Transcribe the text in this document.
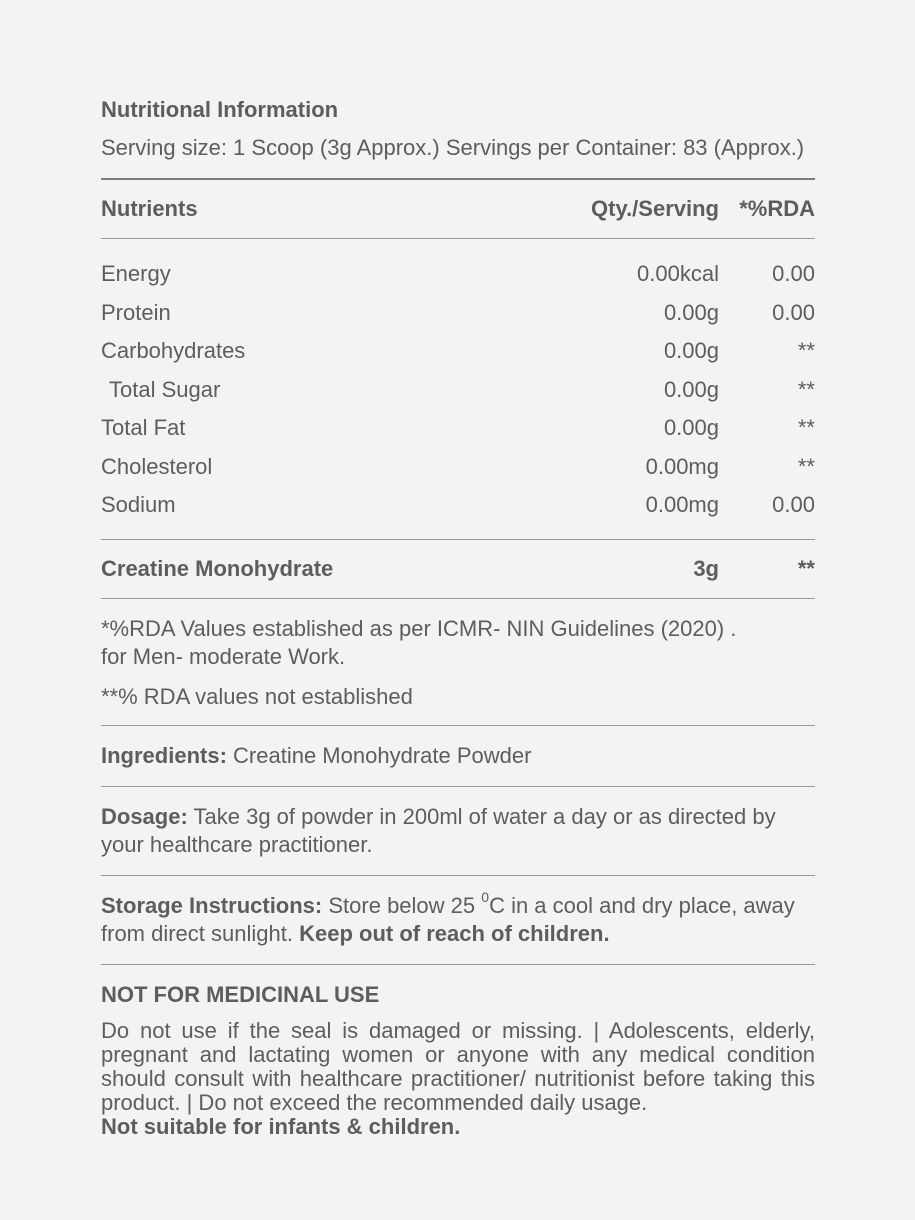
Nutritional Information
Serving size: 1 Scoop (3g Approx.) Servings per Container: 83 (Approx.)
Nutrients	Qty./Serving *%RDA
Energy	0.00kcal	0.00
Protein	0.00g	0.00
Carbohydrates	0.00g	**
Total Sugar	0.00g	**
Total Fat	0.00g	**
Cholesterol	0.00mg	**
Sodium	0.00mg	0.00
Creatine Monohydrate	3g	**

*%RDA Values established as per ICMR- NIN Guidelines (2020) .

for Men- moderate Work.

**% RDA values not established

Ingredients: Creatine Monohydrate Powder
Dosage: Take 3g of powder in 200ml of water a day or as directed by your healthcare practitioner.
Storage Instructions: Store below 25 $^0$C in a cool and dry place, away from direct sunlight. Keep out of reach of children.
NOT FOR MEDICINAL USE
Do not use if the seal is damaged or missing. | Adolescents, elderly, pregnant and lactating women or anyone with any medical condition should consult with healthcare practitioner/ nutritionist before taking this product. | Do not exceed the recommended daily usage.
Not suitable for infants & children.
